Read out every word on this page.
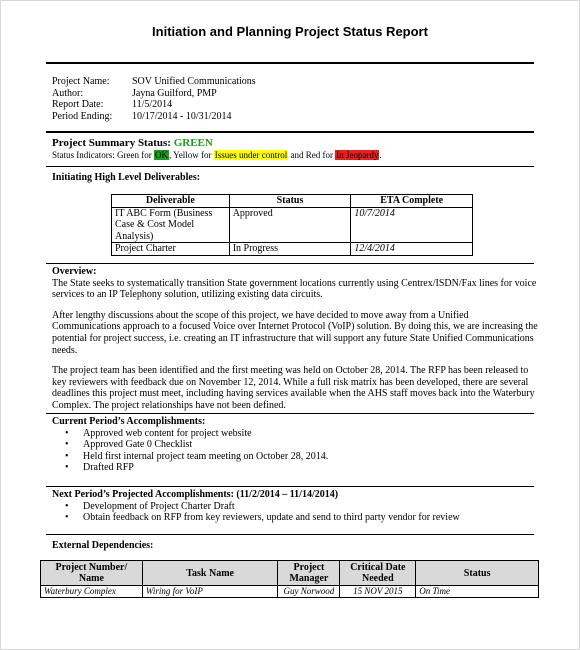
Initiation and Planning Project Status Report
Project Name:	SOV Unified Communications
Author:	Jayna Guilford, PMP
Report Date:	11/5/2014
Period Ending:	10/17/2014 - 10/31/2014
Project Summary Status: GREEN
Status Indicators: Green for OK, Yellow for Issues under control and Red for In Jeopardy.
Initiating High Level Deliverables:
Deliverable	Status	ETA Complete
IT ABC Form (Business Case & Cost Model Analysis)	Approved	10/7/2014
Project Charter	In Progress	12/4/2014
Overview:

The State seeks to systematically transition State government locations currently using Centrex/ISDN/Fax lines for voice services to an IP Telephony solution, utilizing existing data circuits.

After lengthy discussions about the scope of this project, we have decided to move away from a Unified Communications approach to a focused Voice over Internet Protocol (VoIP) solution. By doing this, we are increasing the potential for project success, i.e. creating an IT infrastructure that will support any future State Unified Communications needs.

The project team has been identified and the first meeting was held on October 28, 2014. The RFP has been released to key reviewers with feedback due on November 12, 2014. While a full risk matrix has been developed, there are several deadlines this project must meet, including having services available when the AHS staff moves back into the Waterbury Complex. The project relationships have not been defined.

Current Period’s Accomplishments:
• Approved web content for project website
• Approved Gate 0 Checklist
• Held first internal project team meeting on October 28, 2014.
• Drafted RFP
Next Period’s Projected Accomplishments: (11/2/2014 – 11/14/2014)
• Development of Project Charter Draft
• Obtain feedback on RFP from key reviewers, update and send to third party vendor for review
External Dependencies:
Project Number/ Name	Task Name	Project Manager	Critical Date Needed	Status
Waterbury Complex	Wiring for VoIP	Guy Norwood	15 NOV 2015	On Time
